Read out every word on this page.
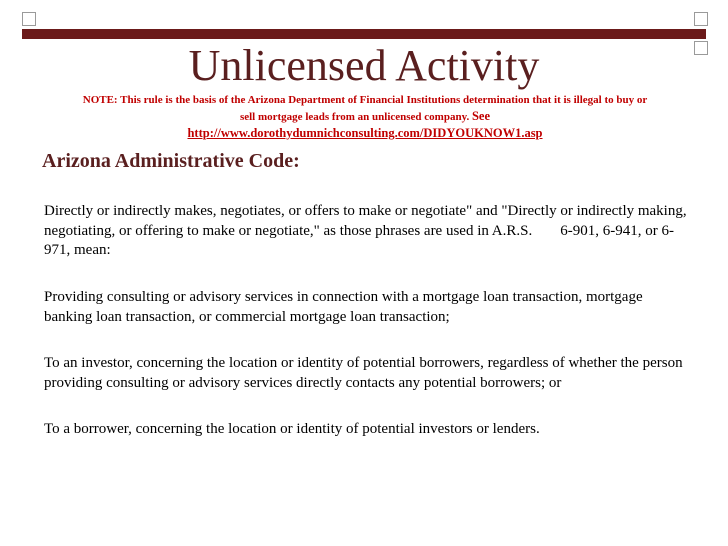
Unlicensed Activity
NOTE: This rule is the basis of the Arizona Department of Financial Institutions determination that it is illegal to buy or
sell mortgage leads from an unlicensed company. See
http://www.dorothydumnichconsulting.com/DIDYOUKNOW1.asp
Arizona Administrative Code:
Directly or indirectly makes, negotiates, or offers to make or negotiate" and "Directly or indirectly making, negotiating, or offering to make or negotiate," as those phrases are used in A.R.S. 6-901, 6-941, or 6-971, mean:
Providing consulting or advisory services in connection with a mortgage loan transaction, mortgage banking loan transaction, or commercial mortgage loan transaction;
To an investor, concerning the location or identity of potential borrowers, regardless of whether the person providing consulting or advisory services directly contacts any potential borrowers; or
To a borrower, concerning the location or identity of potential investors or lenders.
